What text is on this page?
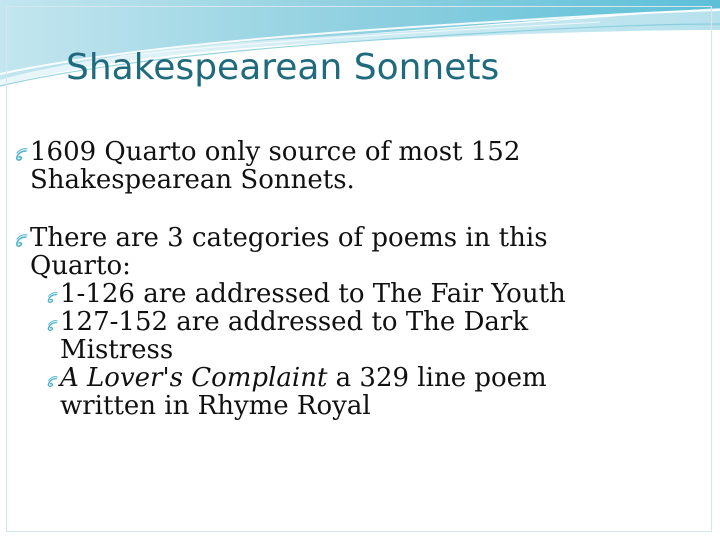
Shakespearean Sonnets
1609 Quarto only source of most 152 Shakespearean Sonnets.
There are 3 categories of poems in this Quarto:
1-126 are addressed to The Fair Youth
127-152 are addressed to The Dark Mistress
A Lover's Complaint a 329 line poem written in Rhyme Royal
